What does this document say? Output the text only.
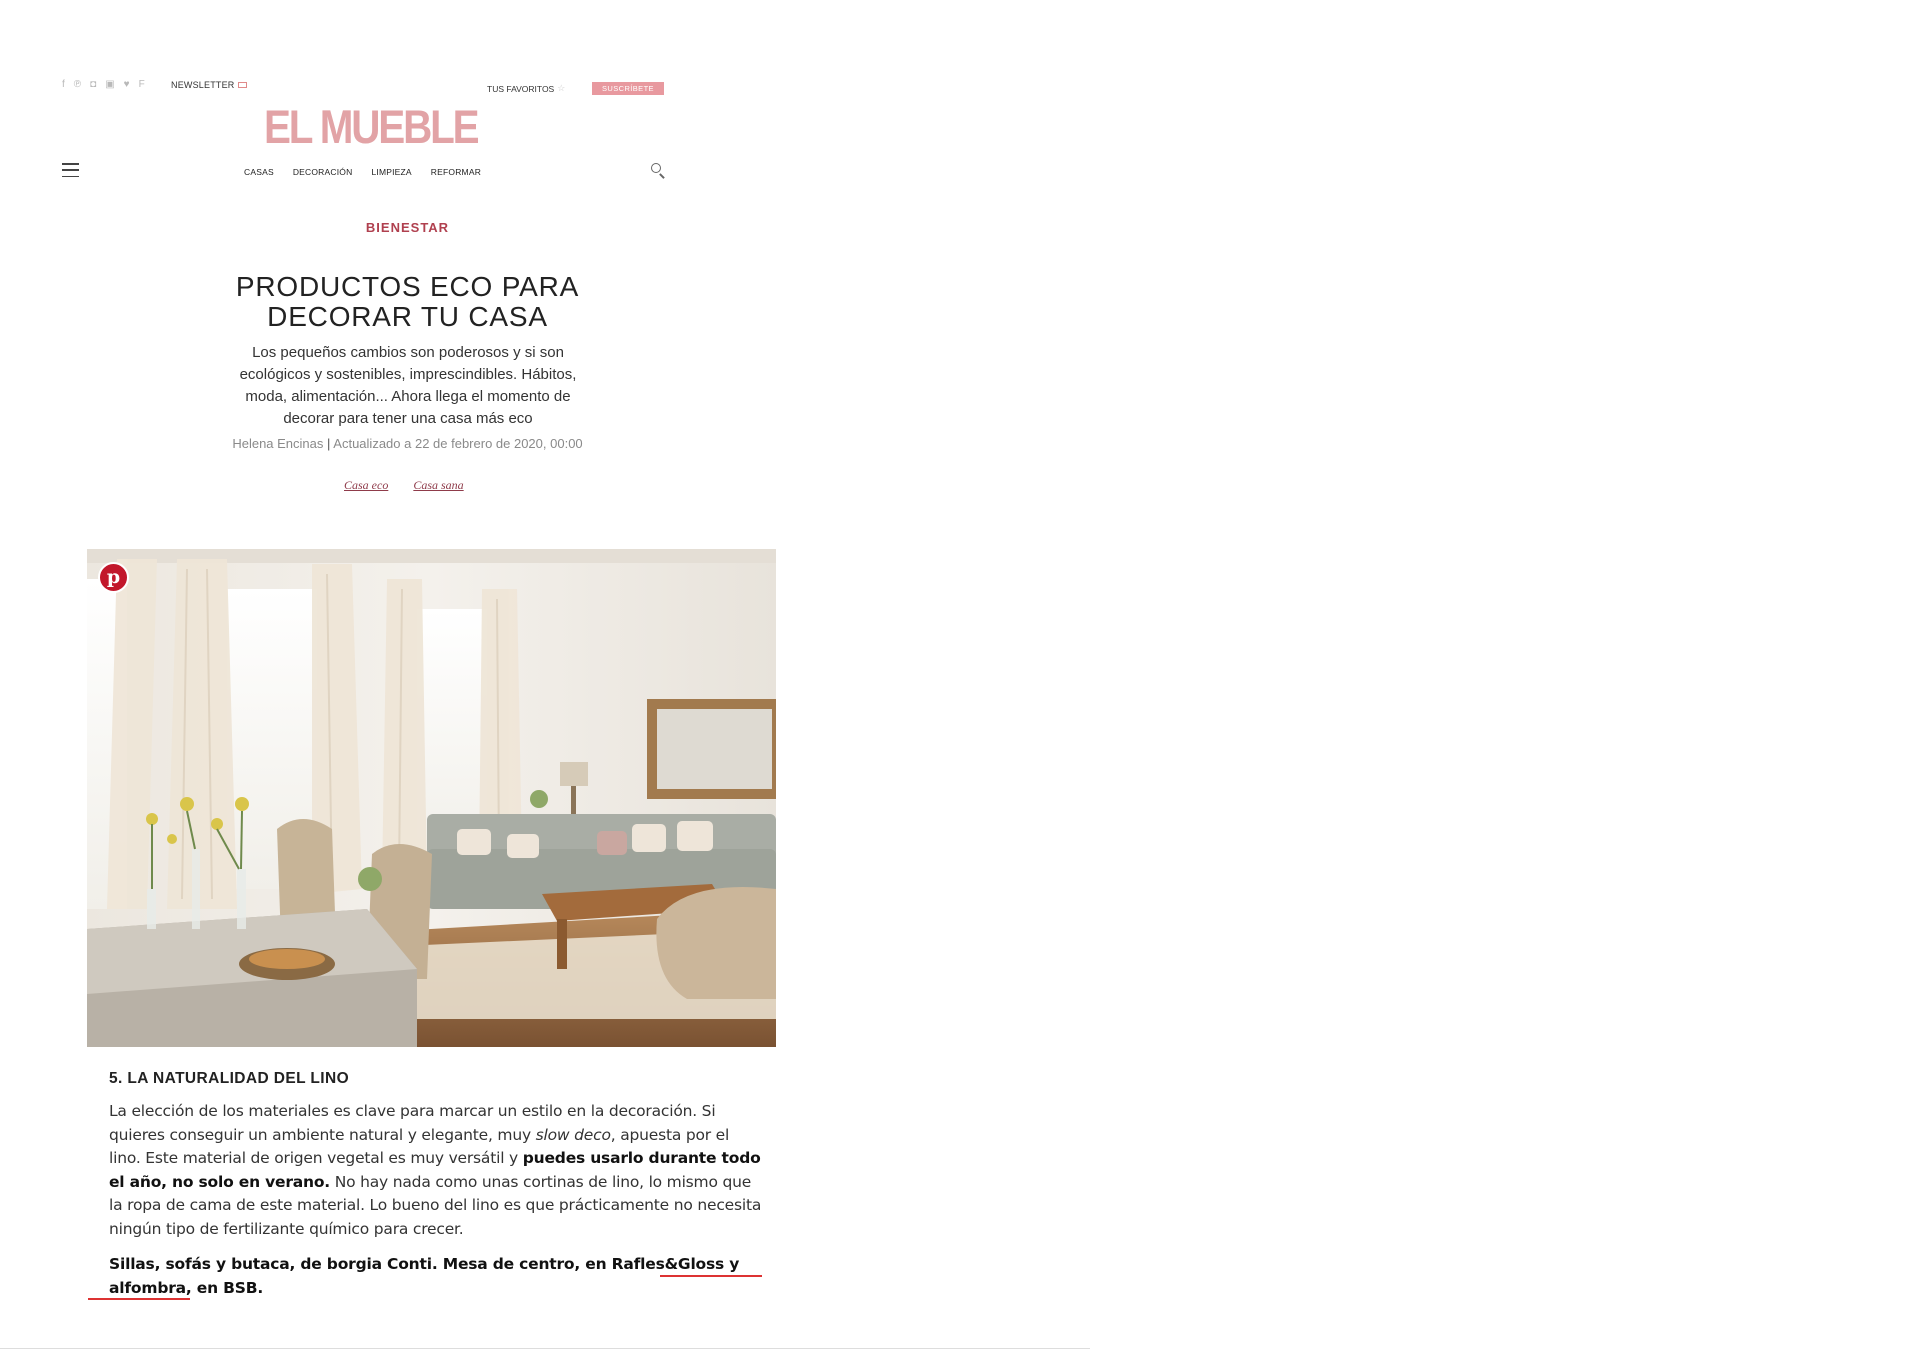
f ℗ ◘ ▣ ♥ F	NEWSLETTER	TUS FAVORITOS ☆	SUSCRÍBETE
EL MUEBLE
CASAS DECORACIÓN LIMPIEZA REFORMAR
BIENESTAR
PRODUCTOS ECO PARA DECORAR TU CASA
Los pequeños cambios son poderosos y si son ecológicos y sostenibles, imprescindibles. Hábitos, moda, alimentación... Ahora llega el momento de decorar para tener una casa más eco
Helena Encinas | Actualizado a 22 de febrero de 2020, 00:00
Casa eco Casa sana
p
5. LA NATURALIDAD DEL LINO
La elección de los materiales es clave para marcar un estilo en la decoración. Si quieres conseguir un ambiente natural y elegante, muy slow deco, apuesta por el lino. Este material de origen vegetal es muy versátil y puedes usarlo durante todo el año, no solo en verano. No hay nada como unas cortinas de lino, lo mismo que la ropa de cama de este material. Lo bueno del lino es que prácticamente no necesita ningún tipo de fertilizante químico para crecer.
Sillas, sofás y butaca, de borgia Conti. Mesa de centro, en Rafles&Gloss y alfombra, en BSB.
